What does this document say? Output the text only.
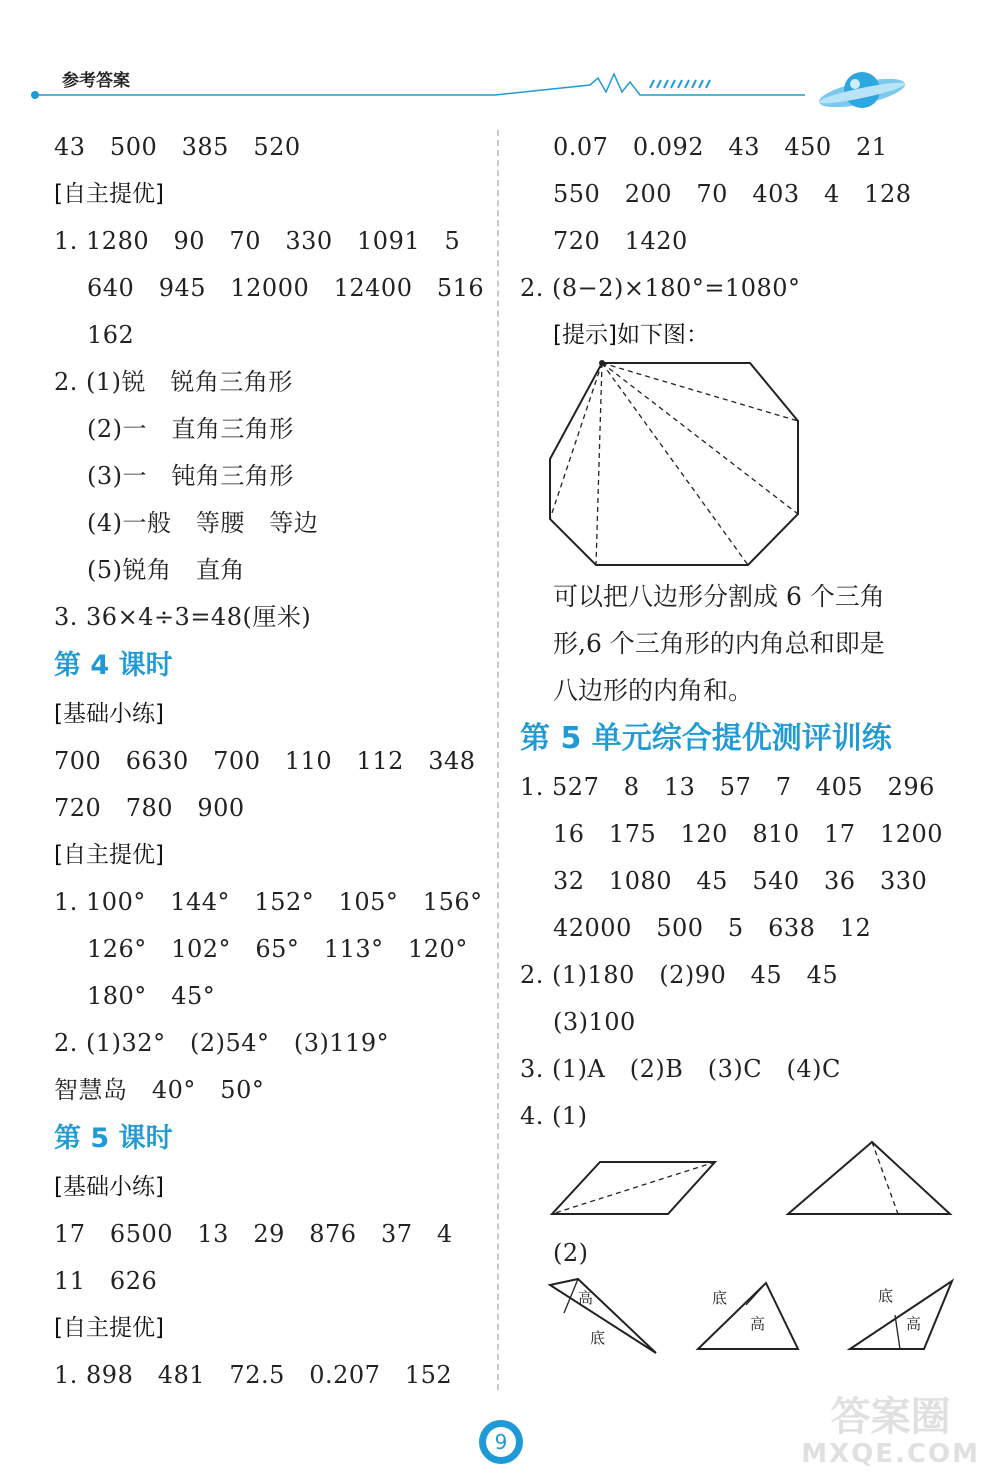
参考答案
43   500   385   520
[自主提优]
1. 1280   90   70   330   1091   5
640   945   12000   12400   516
162
2. (1)锐   锐角三角形
(2)一   直角三角形
(3)一   钝角三角形
(4)一般   等腰   等边
(5)锐角   直角
3. 36×4÷3=48(厘米)
第 4 课时
[基础小练]
700   6630   700   110   112   348
720   780   900
[自主提优]
1. 100°   144°   152°   105°   156°
126°   102°   65°   113°   120°
180°   45°
2. (1)32°   (2)54°   (3)119°
智慧岛   40°   50°
第 5 课时
[基础小练]
17   6500   13   29   876   37   4
11   626
[自主提优]
1. 898   481   72.5   0.207   152
0.07   0.092   43   450   21
550   200   70   403   4   128
720   1420
2. (8−2)×180°=1080°
[提示]如下图：
可以把八边形分割成 6 个三角
形,6 个三角形的内角总和即是
八边形的内角和。
第 5 单元综合提优测评训练
1. 527   8   13   57   7   405   296
16   175   120   810   17   1200
32   1080   45   540   36   330
42000   500   5   638   12
2. (1)180   (2)90   45   45
(3)100
3. (1)A   (2)B   (3)C   (4)C
4. (1)
(2)
高
底
底
高
底
高
9
答案圈
MXQE.COM
